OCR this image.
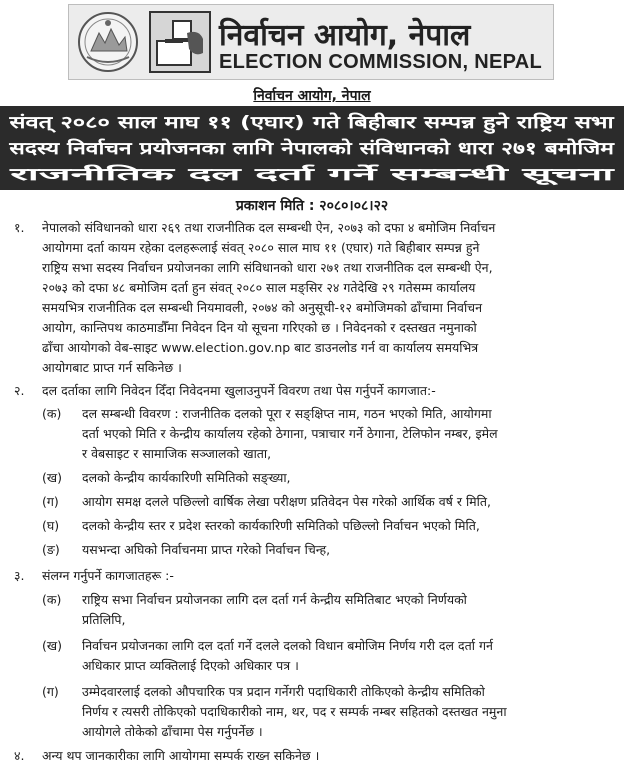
निर्वाचन आयोग, नेपाल
ELECTION COMMISSION, NEPAL
निर्वाचन आयोग, नेपाल
संवत् २०८० साल माघ ११ (एघार) गते बिहीबार सम्पन्न हुने राष्ट्रिय सभा सदस्य निर्वाचन प्रयोजनका लागि नेपालको संविधानको धारा २७१ बमोजिम राजनीतिक दल दर्ता गर्ने सम्बन्धी सूचना
प्रकाशन मिति : २०८०।०८।२२
१. नेपालको संविधानको धारा २६९ तथा राजनीतिक दल सम्बन्धी ऐन, २०७३ को दफा ४ बमोजिम निर्वाचन
आयोगमा दर्ता कायम रहेका दलहरूलाई संवत् २०८० साल माघ ११ (एघार) गते बिहीबार सम्पन्न हुने
राष्ट्रिय सभा सदस्य निर्वाचन प्रयोजनका लागि संविधानको धारा २७१ तथा राजनीतिक दल सम्बन्धी ऐन,
२०७३ को दफा ४८ बमोजिम दर्ता हुन संवत् २०८० साल मङ्सिर २४ गतेदेखि २९ गतेसम्म कार्यालय
समयभित्र राजनीतिक दल सम्बन्धी नियमावली, २०७४ को अनुसूची-१२ बमोजिमको ढाँचामा निर्वाचन
आयोग, कान्तिपथ काठमाडौँमा निवेदन दिन यो सूचना गरिएको छ । निवेदनको र दस्तखत नमुनाको
ढाँचा आयोगको वेब-साइट www.election.gov.np बाट डाउनलोड गर्न वा कार्यालय समयभित्र
आयोगबाट प्राप्त गर्न सकिनेछ ।
२. दल दर्ताका लागि निवेदन दिँदा निवेदनमा खुलाउनुपर्ने विवरण तथा पेस गर्नुपर्ने कागजात:-
(क) दल सम्बन्धी विवरण : राजनीतिक दलको पूरा र सङ्क्षिप्त नाम, गठन भएको मिति, आयोगमा
दर्ता भएको मिति र केन्द्रीय कार्यालय रहेको ठेगाना, पत्राचार गर्ने ठेगाना, टेलिफोन नम्बर, इमेल
र वेबसाइट र सामाजिक सञ्जालको खाता,
(ख) दलको केन्द्रीय कार्यकारिणी समितिको सङ्ख्या,
(ग) आयोग समक्ष दलले पछिल्लो वार्षिक लेखा परीक्षण प्रतिवेदन पेस गरेको आर्थिक वर्ष र मिति,
(घ) दलको केन्द्रीय स्तर र प्रदेश स्तरको कार्यकारिणी समितिको पछिल्लो निर्वाचन भएको मिति,
(ङ) यसभन्दा अघिको निर्वाचनमा प्राप्त गरेको निर्वाचन चिन्ह,
३. संलग्न गर्नुपर्ने कागजातहरू :-
(क) राष्ट्रिय सभा निर्वाचन प्रयोजनका लागि दल दर्ता गर्न केन्द्रीय समितिबाट भएको निर्णयको
प्रतिलिपि,
(ख) निर्वाचन प्रयोजनका लागि दल दर्ता गर्ने दलले दलको विधान बमोजिम निर्णय गरी दल दर्ता गर्न
अधिकार प्राप्त व्यक्तिलाई दिएको अधिकार पत्र ।
(ग) उम्मेदवारलाई दलको औपचारिक पत्र प्रदान गर्नेगरी पदाधिकारी तोकिएको केन्द्रीय समितिको
निर्णय र त्यसरी तोकिएको पदाधिकारीको नाम, थर, पद र सम्पर्क नम्बर सहितको दस्तखत नमुना
आयोगले तोकेको ढाँचामा पेस गर्नुपर्नेछ ।
४. अन्य थप जानकारीका लागि आयोगमा सम्पर्क राख्न सकिनेछ ।
